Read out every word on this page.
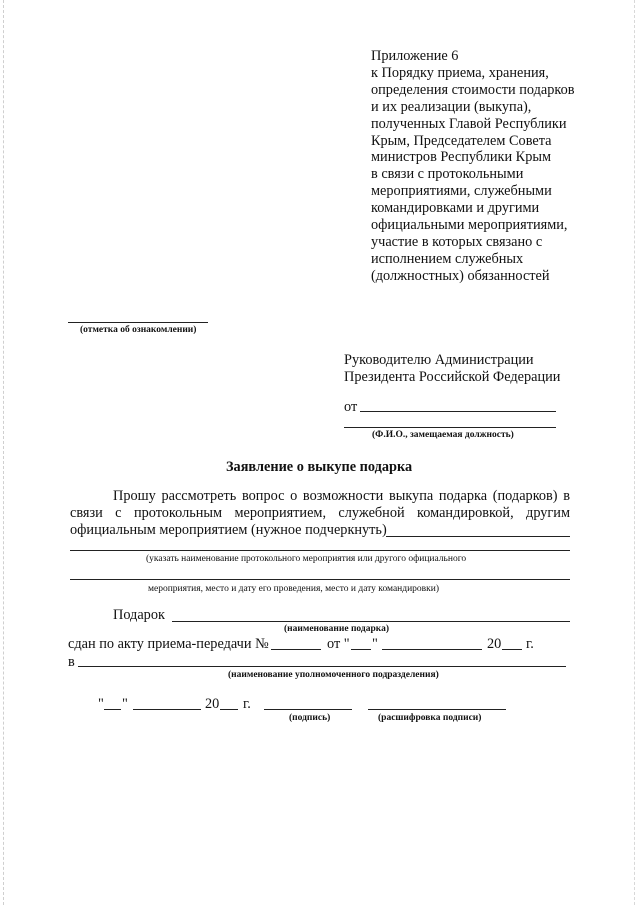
Приложение 6
к Порядку приема, хранения,
определения стоимости подарков
и их реализации (выкупа),
полученных Главой Республики
Крым, Председателем Совета
министров Республики Крым
в связи с протокольными
мероприятиями, служебными
командировками и другими
официальными мероприятиями,
участие в которых связано с
исполнением служебных
(должностных) обязанностей
(отметка об ознакомлении)
Руководителю Администрации
Президента Российской Федерации
от
(Ф.И.О., замещаемая должность)
Заявление о выкупе подарка
Прошу рассмотреть вопрос о возможности выкупа подарка (подарков) в
связи с протокольным мероприятием, служебной командировкой, другим
официальным мероприятием (нужное подчеркнуть)
(указать наименование протокольного мероприятия или другого официального
мероприятия, место и дату его проведения, место и дату командировки)
Подарок
(наименование подарка)
сдан по акту приема-передачи №	от " "	20 г.
в
(наименование уполномоченного подразделения)
" "	20 г.
(подпись)	(расшифровка подписи)
